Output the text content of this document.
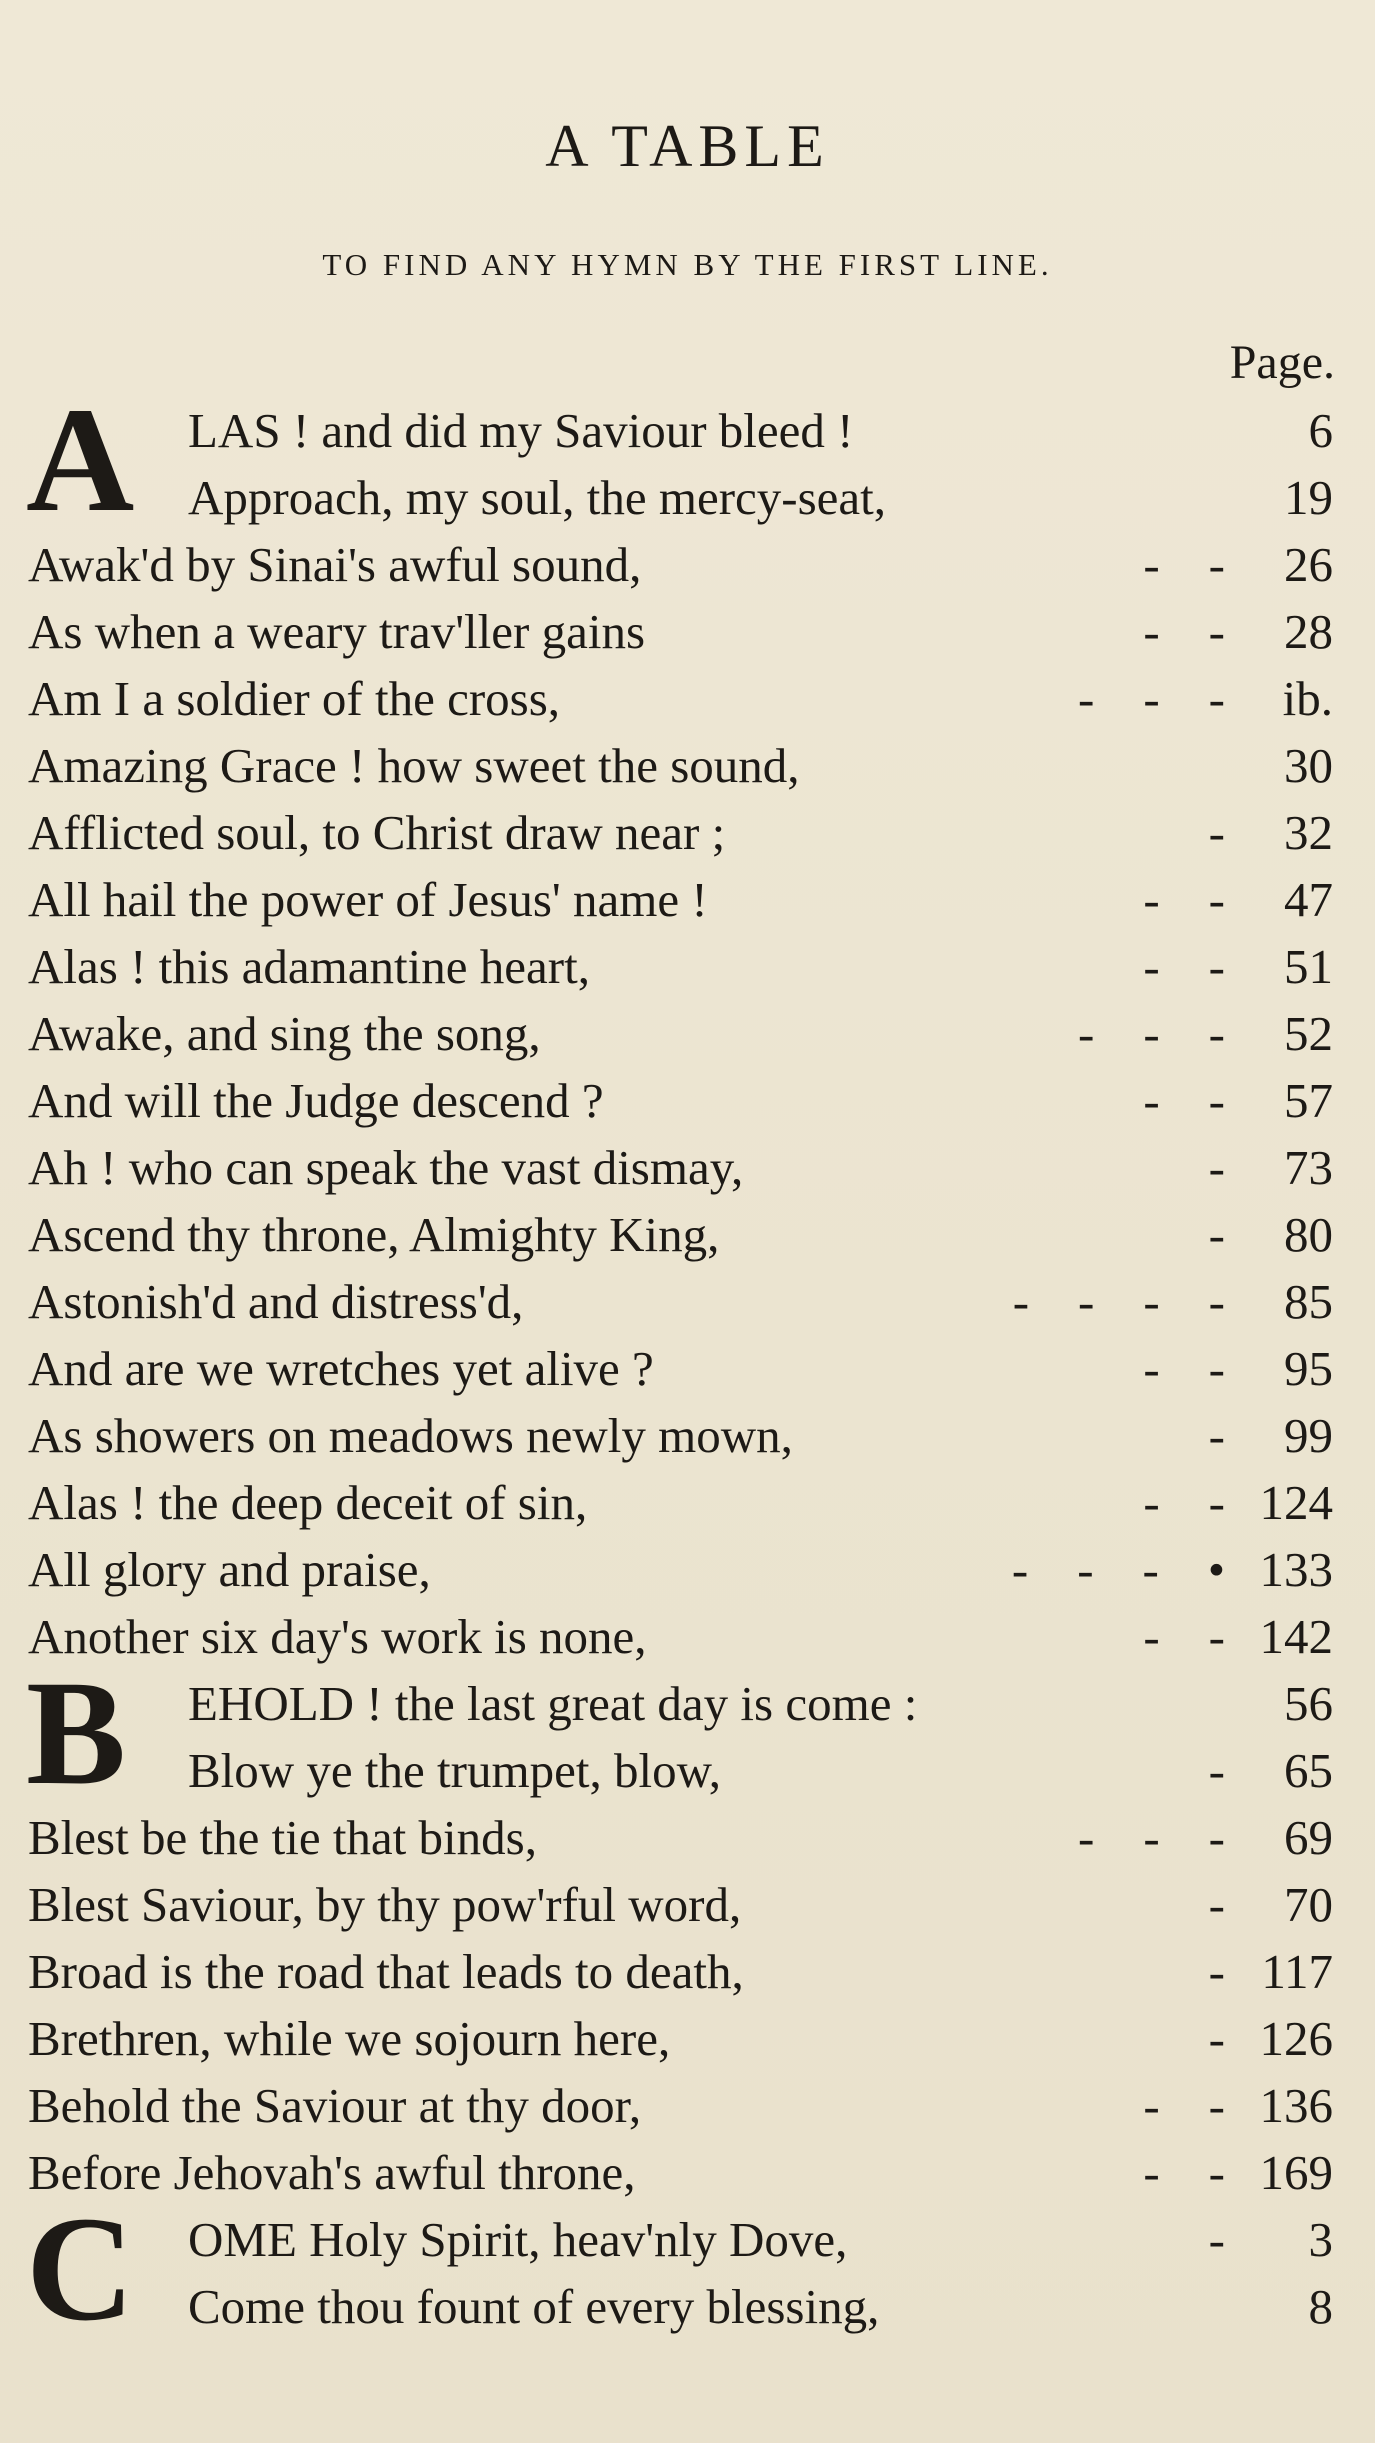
A TABLE
TO FIND ANY HYMN BY THE FIRST LINE.
Page.
A LAS ! and did my Saviour bleed !	6
Approach, my soul, the mercy-seat,	19
Awak'd by Sinai's awful sound,	-    - 26
As when a weary trav'ller gains	-    - 28
Am I a soldier of the cross,	-    -    - ib.
Amazing Grace ! how sweet the sound,	30
Afflicted soul, to Christ draw near ;	- 32
All hail the power of Jesus' name !	-    - 47
Alas ! this adamantine heart,	-    - 51
Awake, and sing the song,	-    -    - 52
And will the Judge descend ?	-    - 57
Ah ! who can speak the vast dismay,	- 73
Ascend thy throne, Almighty King,	- 80
Astonish'd and distress'd,	-    -    -    - 85
And are we wretches yet alive ?	-    - 95
As showers on meadows newly mown,	- 99
Alas ! the deep deceit of sin,	-    - 124
All glory and praise,	-    -    -    • 133
Another six day's work is none,	-    - 142
B EHOLD ! the last great day is come :	56
Blow ye the trumpet, blow,	- 65
Blest be the tie that binds,	-    -    - 69
Blest Saviour, by thy pow'rful word,	- 70
Broad is the road that leads to death,	- 117
Brethren, while we sojourn here,	- 126
Behold the Saviour at thy door,	-    - 136
Before Jehovah's awful throne,	-    - 169
C OME Holy Spirit, heav'nly Dove,	- 3
Come thou fount of every blessing,	8
